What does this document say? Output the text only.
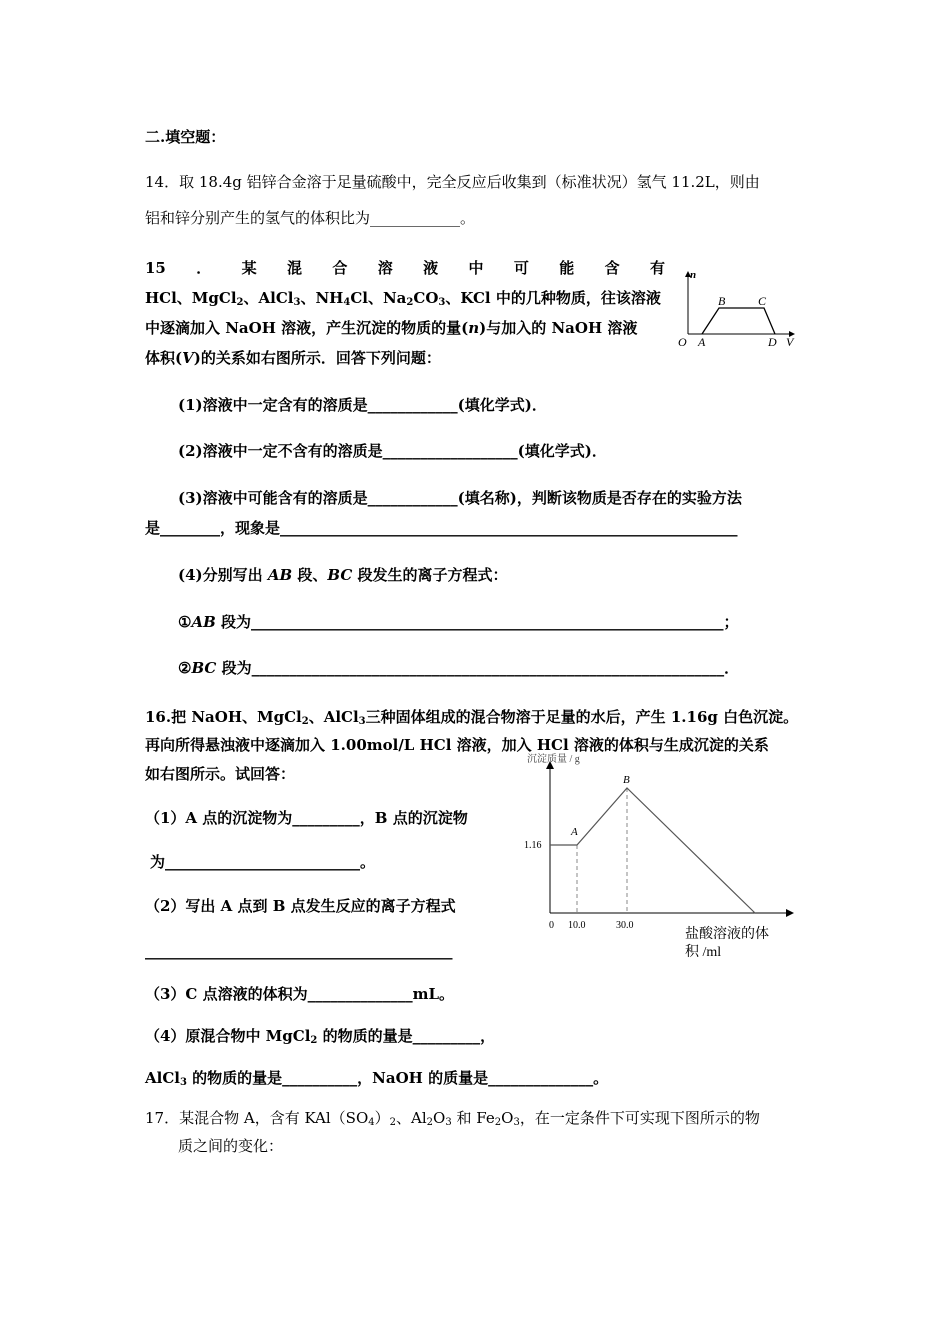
二.填空题：
14．取 18.4g 铝锌合金溶于足量硫酸中，完全反应后收集到（标准状况）氢气 11.2L，则由
铝和锌分别产生的氢气的体积比为____________。
15 ． 某 混 合 溶 液 中 可 能 含 有
HCl、MgCl$_2$、AlCl$_3$、$NH_4Cl$、$Na_2CO_3$、KCl 中的几种物质，往该溶液
中逐滴加入 NaOH 溶液，产生沉淀的物质的量(n)与加入的 NaOH 溶液
体积(V)的关系如右图所示．回答下列问题：
n
O A
B	C
D V
(1)溶液中一定含有的溶质是____________(填化学式)．
(2)溶液中一定不含有的溶质是__________________(填化学式)．
(3)溶液中可能含有的溶质是____________(填名称)，判断该物质是否存在的实验方法
是________，现象是_____________________________________________________________
(4)分别写出 AB 段、BC 段发生的离子方程式：
①AB 段为_______________________________________________________________；
②BC 段为_______________________________________________________________．
16.把 NaOH、MgCl$_2$、AlCl$_3$三种固体组成的混合物溶于足量的水后，产生 1.16g 白色沉淀。
再向所得悬浊液中逐滴加入 1.00mol/L HCl 溶液，加入 HCl 溶液的体积与生成沉淀的关系
如右图所示。试回答：
（1）A 点的沉淀物为_________，B 点的沉淀物
为__________________________。
（2）写出 A 点到 B 点发生反应的离子方程式
_________________________________________
（3）C 点溶液的体积为______________mL。
（4）原混合物中 MgCl$_2$ 的物质的量是_________，
AlCl$_3$ 的物质的量是__________，NaOH 的质量是______________。
沉淀质量 / g
1.16
0 10.0	30.0
A
B
盐酸溶液的体
积 /ml
17．某混合物 A，含有 $KAl(SO_4)_2$、$Al_2O_3$ 和 $Fe_2O_3$，在一定条件下可实现下图所示的物
质之间的变化：
